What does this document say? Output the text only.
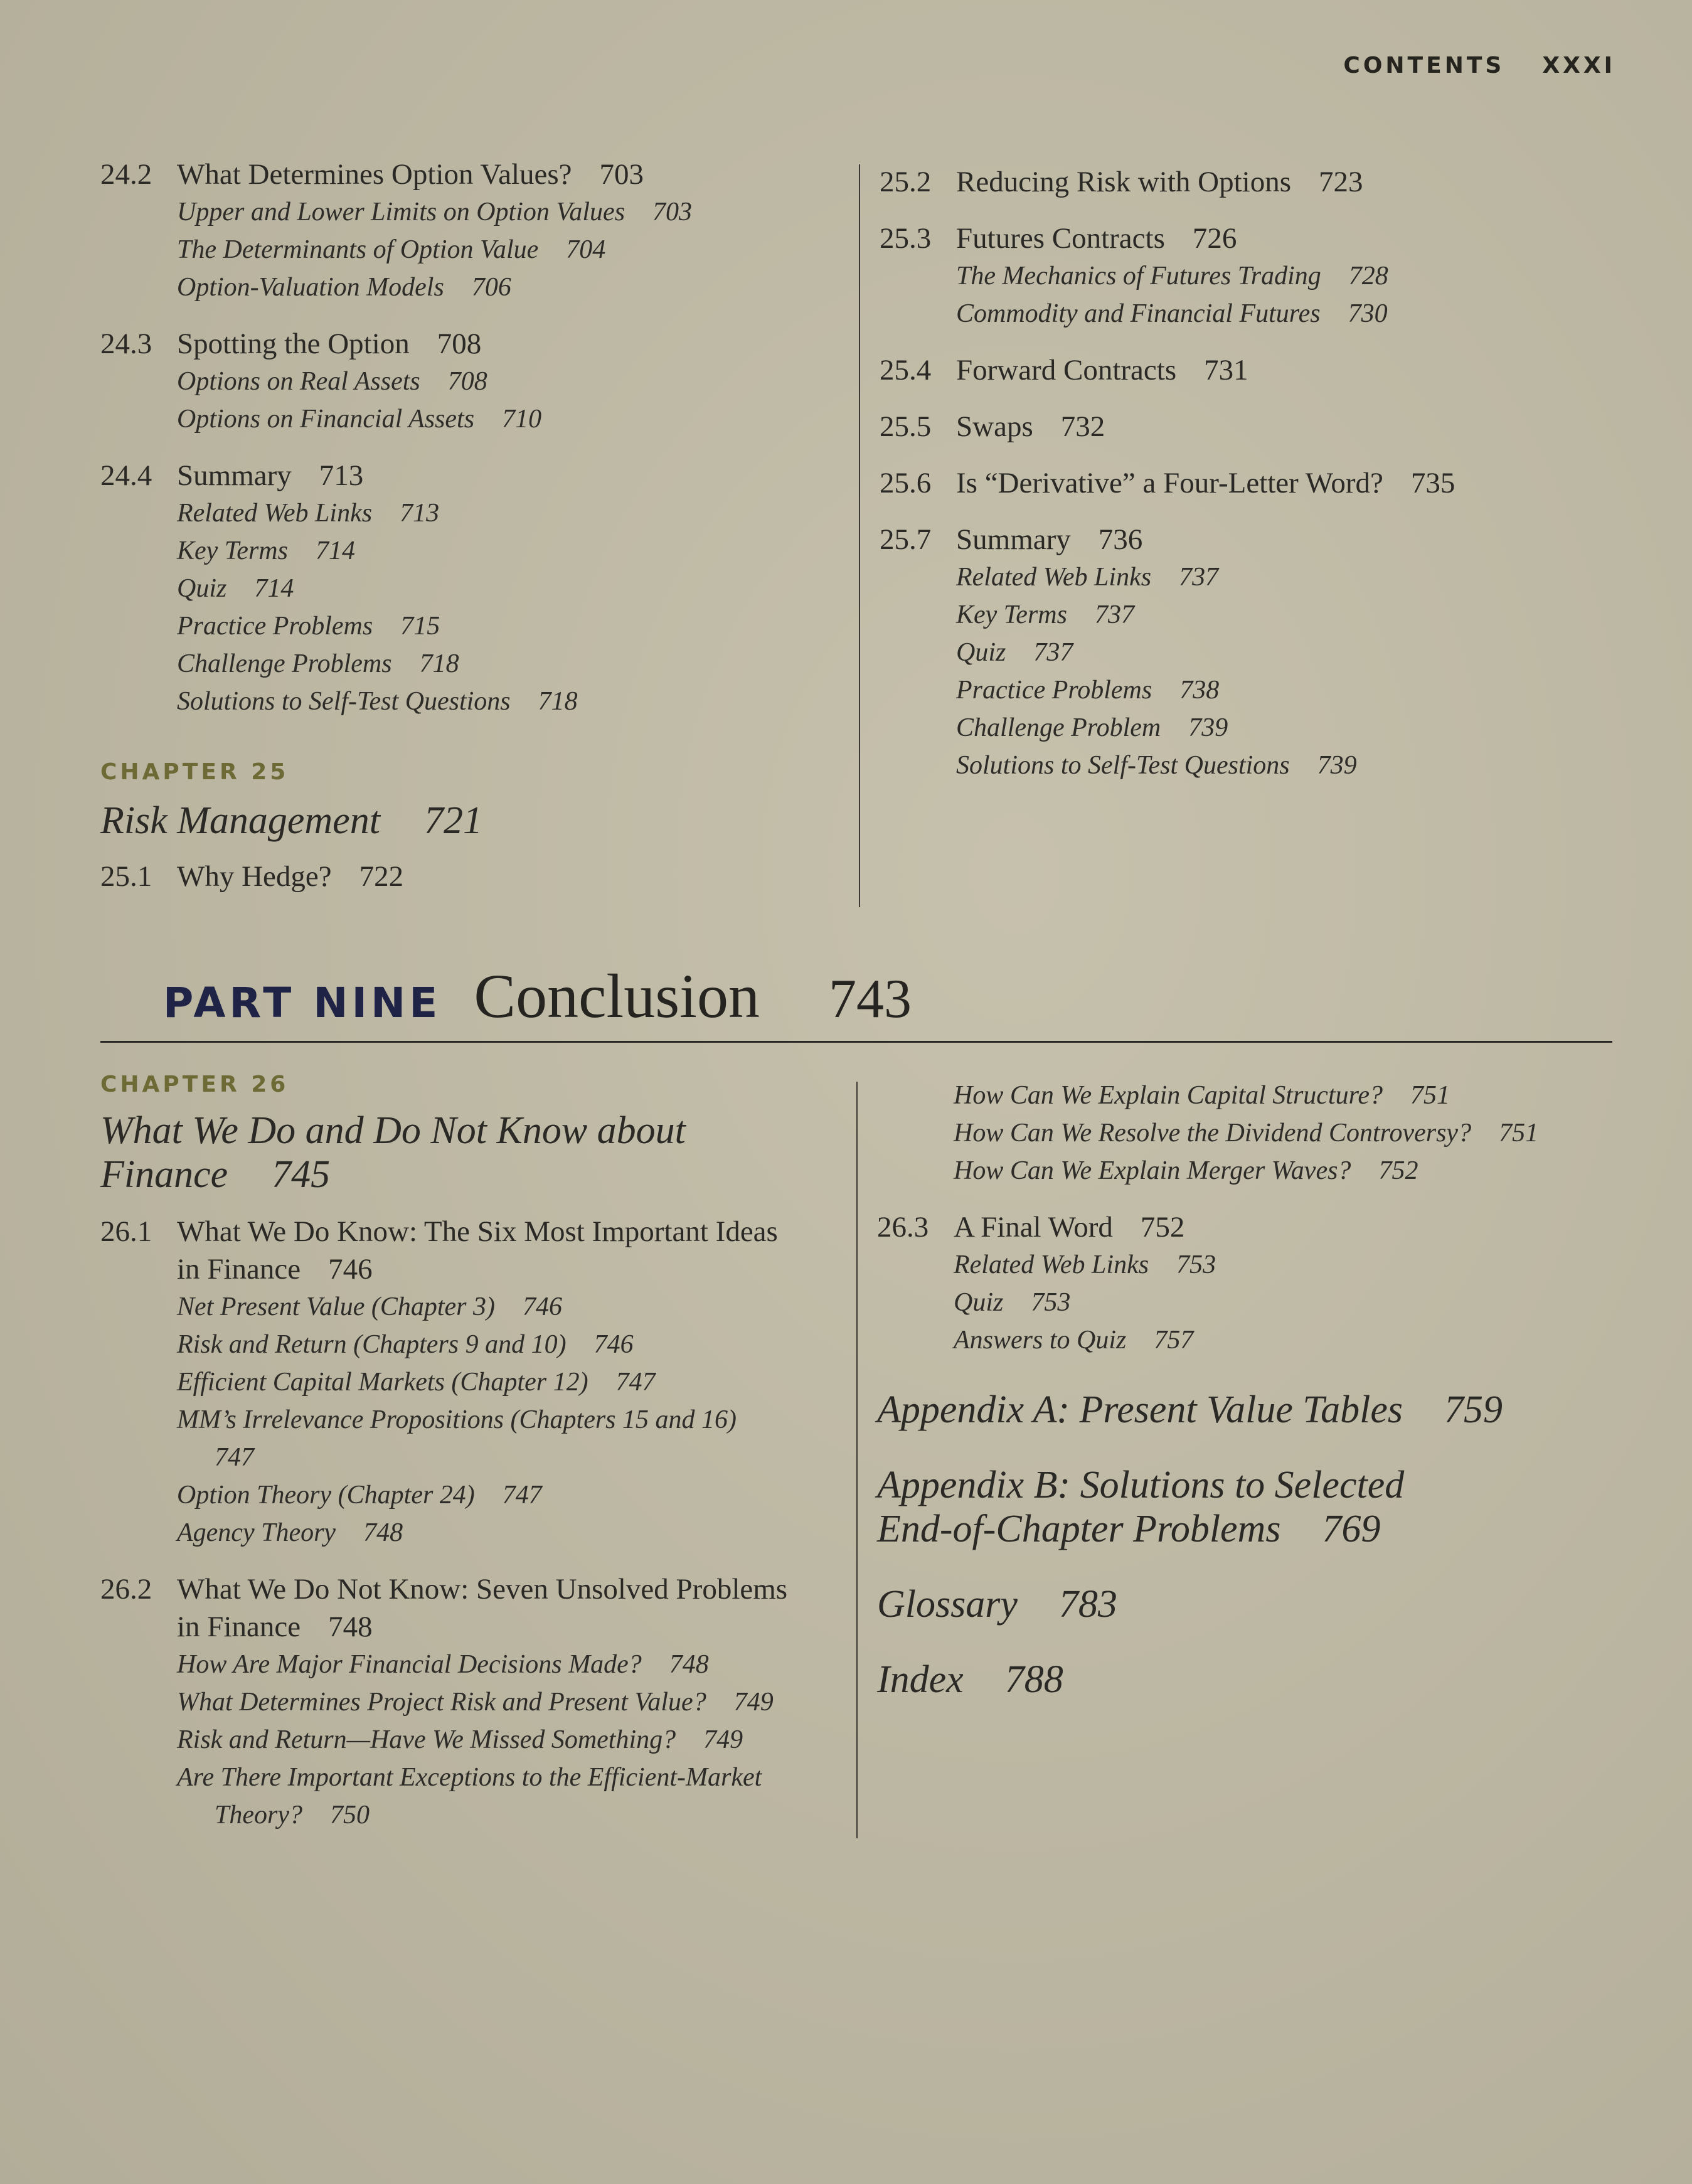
CONTENTS XXXI
24.2 What Determines Option Values? 703
Upper and Lower Limits on Option Values 703
The Determinants of Option Value 704
Option-Valuation Models 706
24.3 Spotting the Option 708
Options on Real Assets 708
Options on Financial Assets 710
24.4 Summary 713
Related Web Links 713
Key Terms 714
Quiz 714
Practice Problems 715
Challenge Problems 718
Solutions to Self-Test Questions 718
CHAPTER 25
Risk Management 721
25.1 Why Hedge? 722
25.2 Reducing Risk with Options 723
25.3 Futures Contracts 726
The Mechanics of Futures Trading 728
Commodity and Financial Futures 730
25.4 Forward Contracts 731
25.5 Swaps 732
25.6 Is “Derivative” a Four-Letter Word? 735
25.7 Summary 736
Related Web Links 737
Key Terms 737
Quiz 737
Practice Problems 738
Challenge Problem 739
Solutions to Self-Test Questions 739
PART NINE Conclusion 743
CHAPTER 26
What We Do and Do Not Know about
Finance 745
26.1 What We Do Know: The Six Most Important Ideas
in Finance 746
Net Present Value (Chapter 3) 746
Risk and Return (Chapters 9 and 10) 746
Efficient Capital Markets (Chapter 12) 747
MM’s Irrelevance Propositions (Chapters 15 and 16)
747
Option Theory (Chapter 24) 747
Agency Theory 748
26.2 What We Do Not Know: Seven Unsolved Problems
in Finance 748
How Are Major Financial Decisions Made? 748
What Determines Project Risk and Present Value? 749
Risk and Return—Have We Missed Something? 749
Are There Important Exceptions to the Efficient-Market
Theory? 750
How Can We Explain Capital Structure? 751
How Can We Resolve the Dividend Controversy? 751
How Can We Explain Merger Waves? 752
26.3 A Final Word 752
Related Web Links 753
Quiz 753
Answers to Quiz 757
Appendix A: Present Value Tables 759
Appendix B: Solutions to Selected
End-of-Chapter Problems 769
Glossary 783
Index 788
